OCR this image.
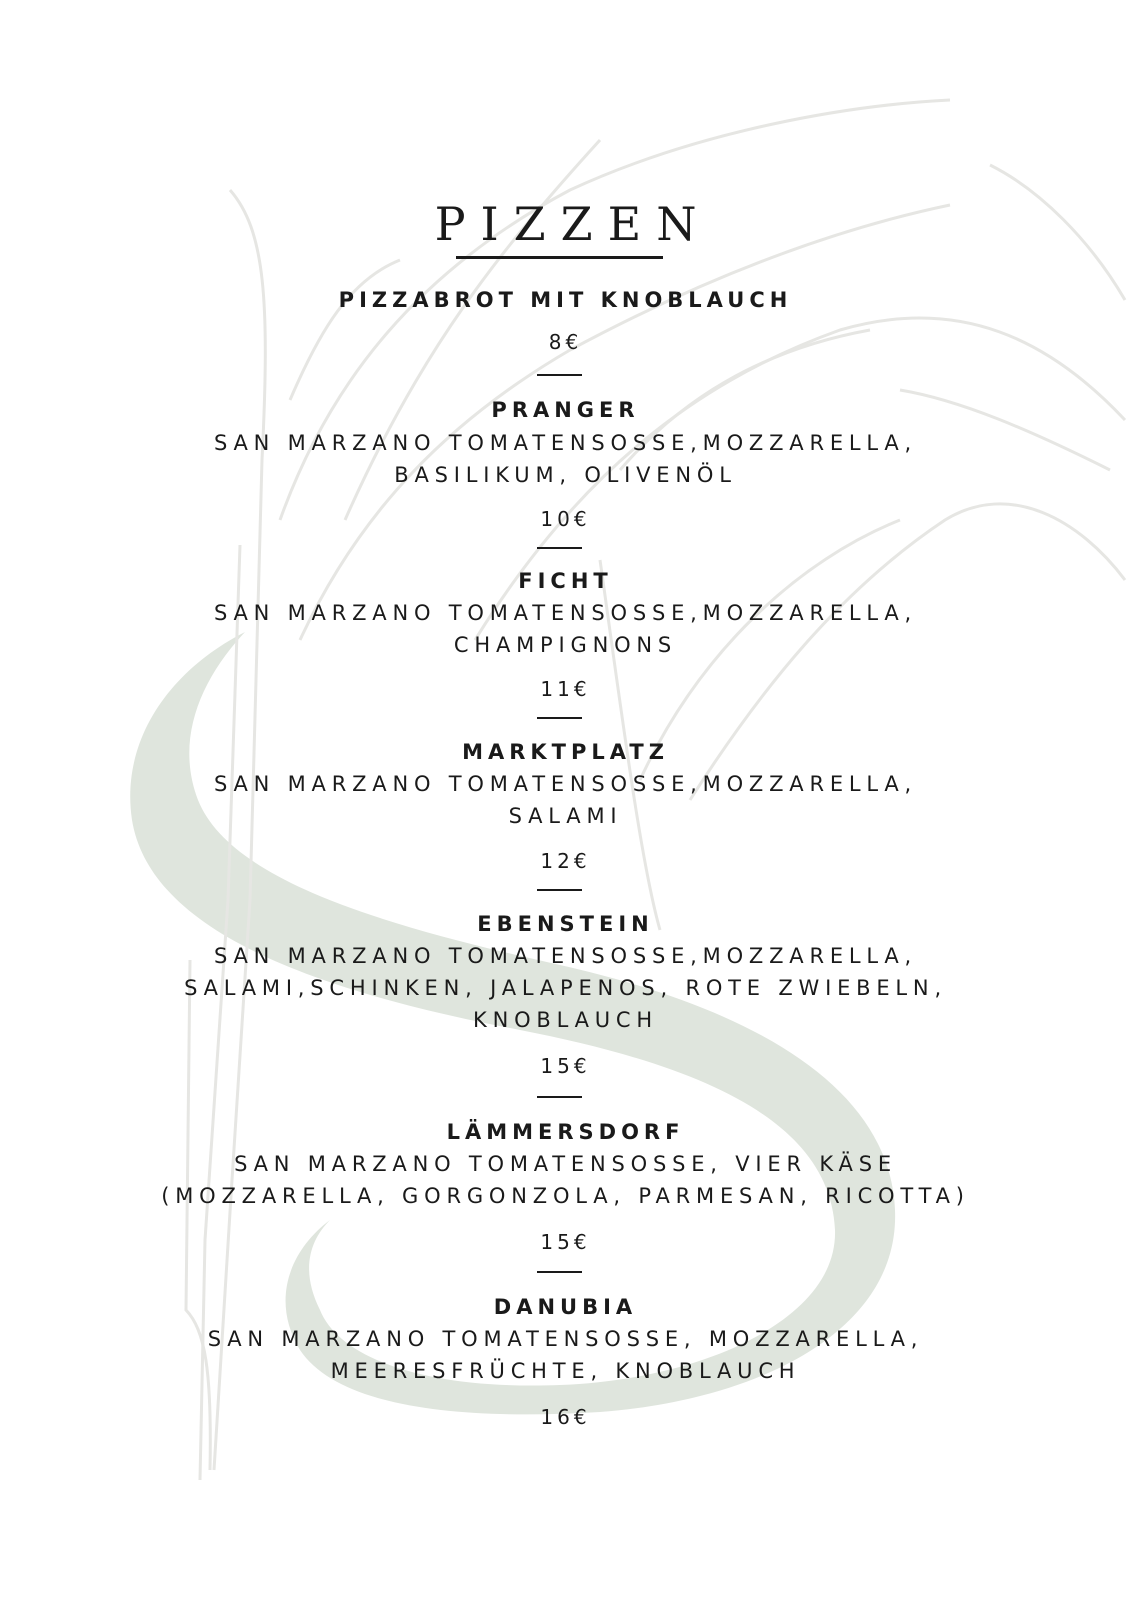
PIZZEN
PIZZABROT MIT KNOBLAUCH
8€
PRANGER
SAN MARZANO TOMATENSOSSE,MOZZARELLA,
BASILIKUM, OLIVENÖL
10€
FICHT
SAN MARZANO TOMATENSOSSE,MOZZARELLA,
CHAMPIGNONS
11€
MARKTPLATZ
SAN MARZANO TOMATENSOSSE,MOZZARELLA,
SALAMI
12€
EBENSTEIN
SAN MARZANO TOMATENSOSSE,MOZZARELLA,
SALAMI,SCHINKEN, JALAPENOS, ROTE ZWIEBELN,
KNOBLAUCH
15€
LÄMMERSDORF
SAN MARZANO TOMATENSOSSE, VIER KÄSE
(MOZZARELLA, GORGONZOLA, PARMESAN, RICOTTA)
15€
DANUBIA
SAN MARZANO TOMATENSOSSE, MOZZARELLA,
MEERESFRÜCHTE, KNOBLAUCH
16€
